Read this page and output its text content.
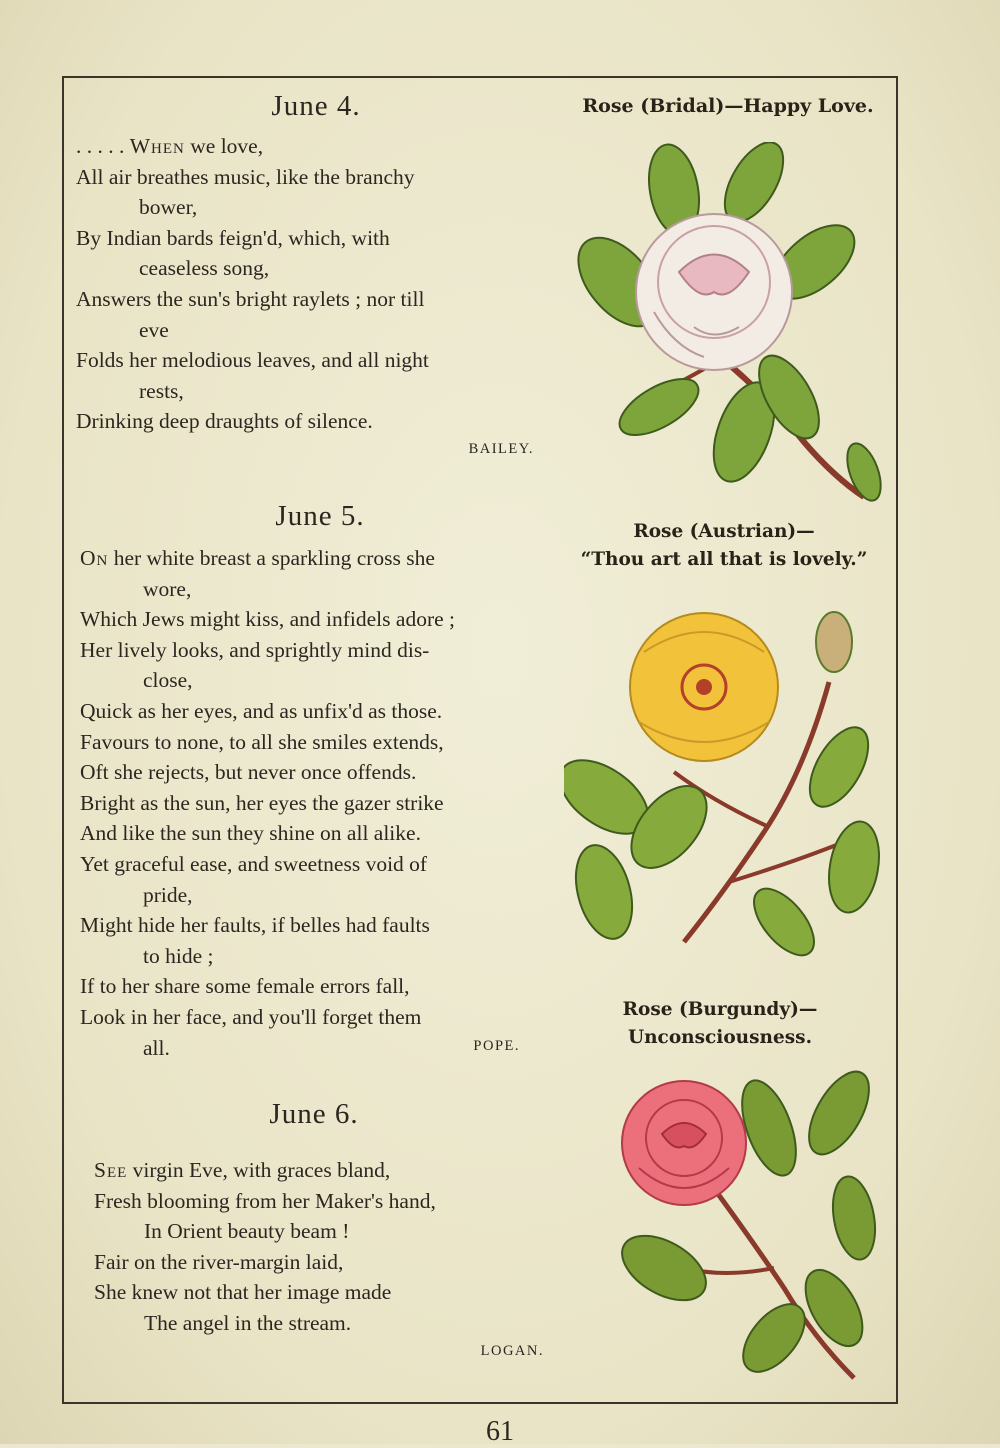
June 4.
. . . . . When we love,
All air breathes music, like the branchy
bower,
By Indian bards feign'd, which, with
ceaseless song,
Answers the sun's bright raylets ; nor till
eve
Folds her melodious leaves, and all night
rests,
Drinking deep draughts of silence.
BAILEY.
June 5.
On her white breast a sparkling cross she
wore,
Which Jews might kiss, and infidels adore ;
Her lively looks, and sprightly mind dis-
close,
Quick as her eyes, and as unfix'd as those.
Favours to none, to all she smiles extends,
Oft she rejects, but never once offends.
Bright as the sun, her eyes the gazer strike
And like the sun they shine on all alike.
Yet graceful ease, and sweetness void of
pride,
Might hide her faults, if belles had faults
to hide ;
If to her share some female errors fall,
Look in her face, and you'll forget them
all.	POPE.
June 6.
See virgin Eve, with graces bland,
Fresh blooming from her Maker's hand,
In Orient beauty beam !
Fair on the river-margin laid,
She knew not that her image made
The angel in the stream.
LOGAN.
Rose (Bridal)—Happy Love.
Rose (Austrian)—
“Thou art all that is lovely.”
Rose (Burgundy)—
Unconsciousness.
61
